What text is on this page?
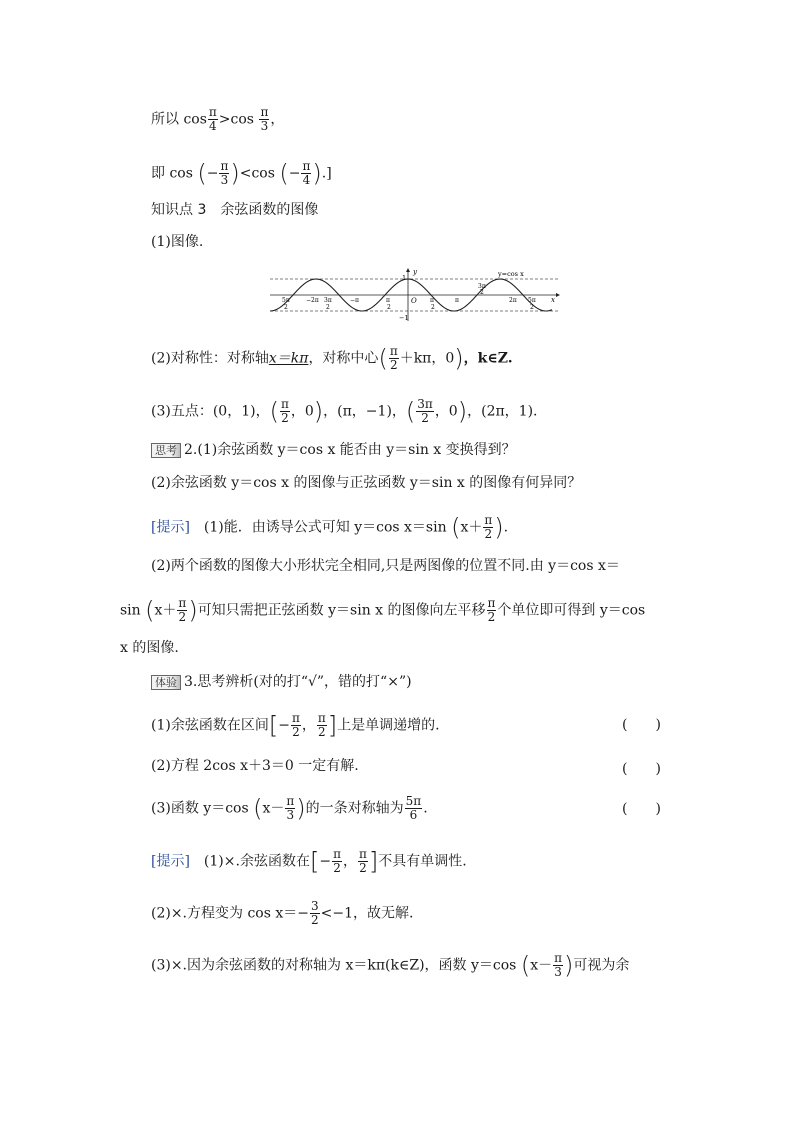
所以 $\cos \frac{\pi}{4} >\cos \frac{\pi}{3}$ ，
即 cos (− $\frac{\pi}{3} )<\cos$ (− $\frac{\pi}{4}$ ).]
知识点 3　余弦函数的图像
(1)图像.
y
x
y=cos x
1
−1
O
5π
2
−2π 3π
2
−π	π
2
π
2
π
3π
2
2π 5π
2
(2)对称性：对称轴x＝kπ，对称中心( $\frac{\pi}{2} +k\pi$，0)，k∈Z.
(3)五点：(0，1)，( $\frac{\pi}{2}$ ，0)，(π，−1)，( $\frac{3\pi}{2}$ ，0)，(2π，1).
思考 2.(1)余弦函数 y＝cos x 能否由 y＝sin x 变换得到？
(2)余弦函数 y＝cos x 的图像与正弦函数 y＝sin x 的图像有何异同？
[提示]　(1)能．由诱导公式可知 y＝cos x＝sin ($x+ \frac{\pi}{2}$ ).
(2)两个函数的图像大小形状完全相同,只是两图像的位置不同.由 y＝cos x＝
$\sin (x+ \frac{\pi}{2}$ )可知只需把正弦函数 y＝sin x 的图像向左平移 $\frac{\pi}{2}$ 个单位即可得到 y＝cos
x 的图像.
体验 3.思考辨析(对的打“√”，错的打“×”)
(1)余弦函数在区间[− $\frac{\pi}{2}$ ， $\frac{\pi}{2}$ ]上是单调递增的.	(　　)
(2)方程 2cos x＋3＝0 一定有解.	(　　)
(3)函数 y＝cos ($x- \frac{\pi}{3}$ )的一条对称轴为 $\frac{5\pi}{6}$ .	(　　)
[提示]　(1)×.余弦函数在[− $\frac{\pi}{2}$ ， $\frac{\pi}{2}$ ]不具有单调性.
(2)×.方程变为 $\cos x=- \frac{3}{2} <-1$，故无解.
(3)×.因为余弦函数的对称轴为 x＝kπ(k∈Z)，函数 y＝cos ($x- \frac{\pi}{3}$ )可视为余
